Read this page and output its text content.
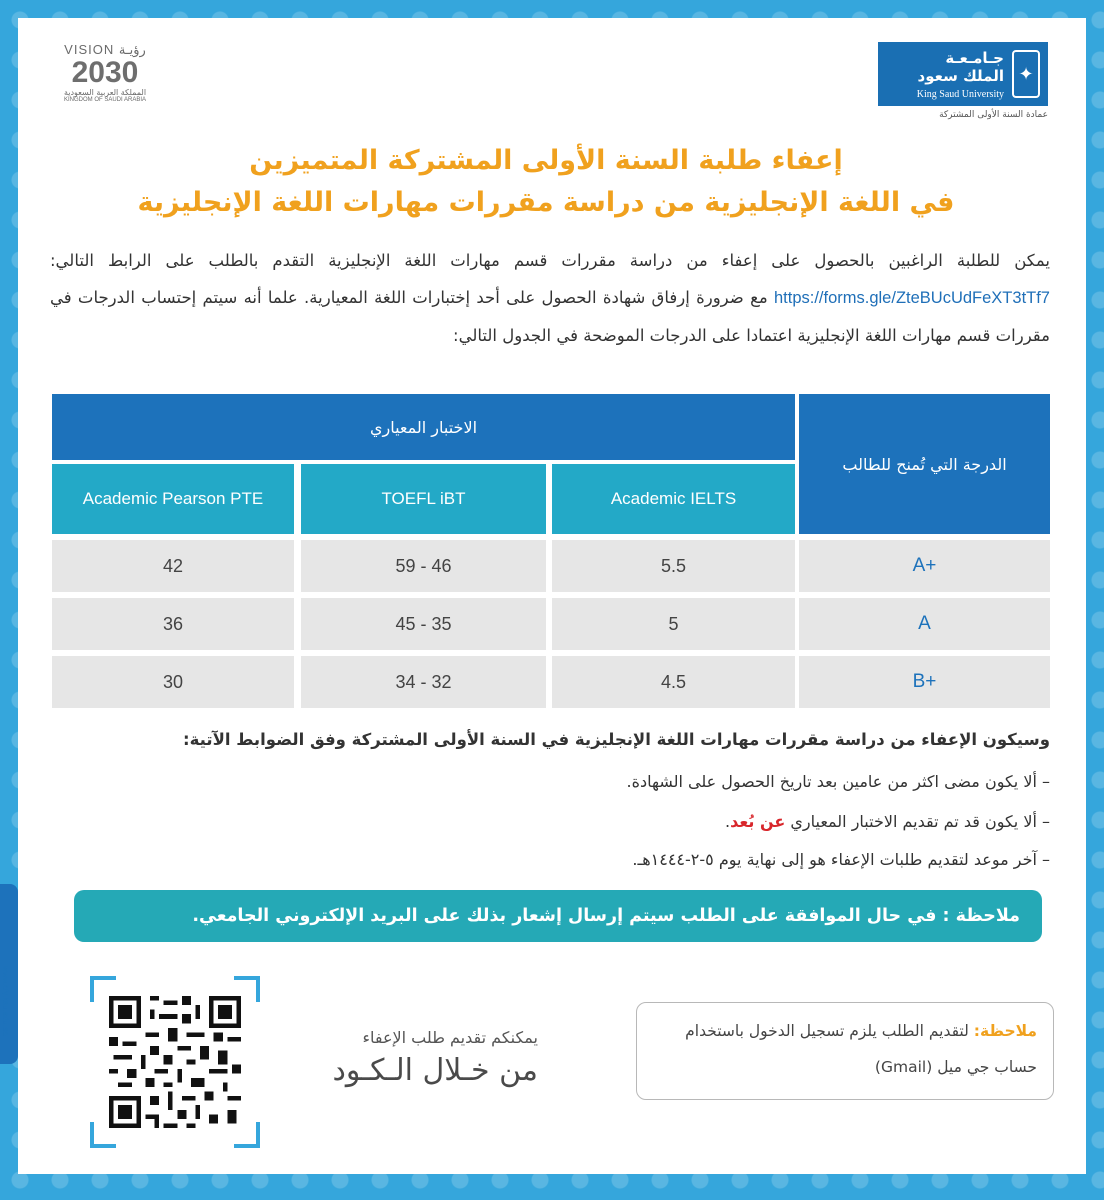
VISION رؤيـة
2030
المملكة العربية السعودية
KINGDOM OF SAUDI ARABIA
جـامـعـة
الملك سعود
King Saud University
✦
عمادة السنة الأولى المشتركة
إعفاء طلبة السنة الأولى المشتركة المتميزين
في اللغة الإنجليزية من دراسة مقررات مهارات اللغة الإنجليزية
يمكن للطلبة الراغبين بالحصول على إعفاء من دراسة مقررات قسم مهارات اللغة الإنجليزية التقدم بالطلب على الرابط التالي: https://forms.gle/ZteBUcUdFeXT3tTf7 مع ضرورة إرفاق شهادة الحصول على أحد إختبارات اللغة المعيارية. علما أنه سيتم إحتساب الدرجات في مقررات قسم مهارات اللغة الإنجليزية اعتمادا على الدرجات الموضحة في الجدول التالي:
الاختبار المعياري
الدرجة التي تُمنح للطالب
Academic Pearson PTE	TOEFL iBT	Academic IELTS
42	59 - 46	5.5	A+
36	45 - 35	5	A
30	34 - 32	4.5	B+
وسيكون الإعفاء من دراسة مقررات مهارات اللغة الإنجليزية في السنة الأولى المشتركة وفق الضوابط الآتية:
– ألا يكون مضى اكثر من عامين بعد تاريخ الحصول على الشهادة.
– ألا يكون قد تم تقديم الاختبار المعياري عن بُعد.
– آخر موعد لتقديم طلبات الإعفاء هو إلى نهاية يوم ٥-٢-١٤٤٤هـ.
ملاحظة : في حال الموافقة على الطلب سيتم إرسال إشعار بذلك على البريد الإلكتروني الجامعي.
يمكنكم تقديم طلب الإعفاء
من خـلال الـكـود
ملاحظة: لتقديم الطلب يلزم تسجيل الدخول باستخدام حساب جي ميل (Gmail)
www.cfy.ksu.edu.sa
